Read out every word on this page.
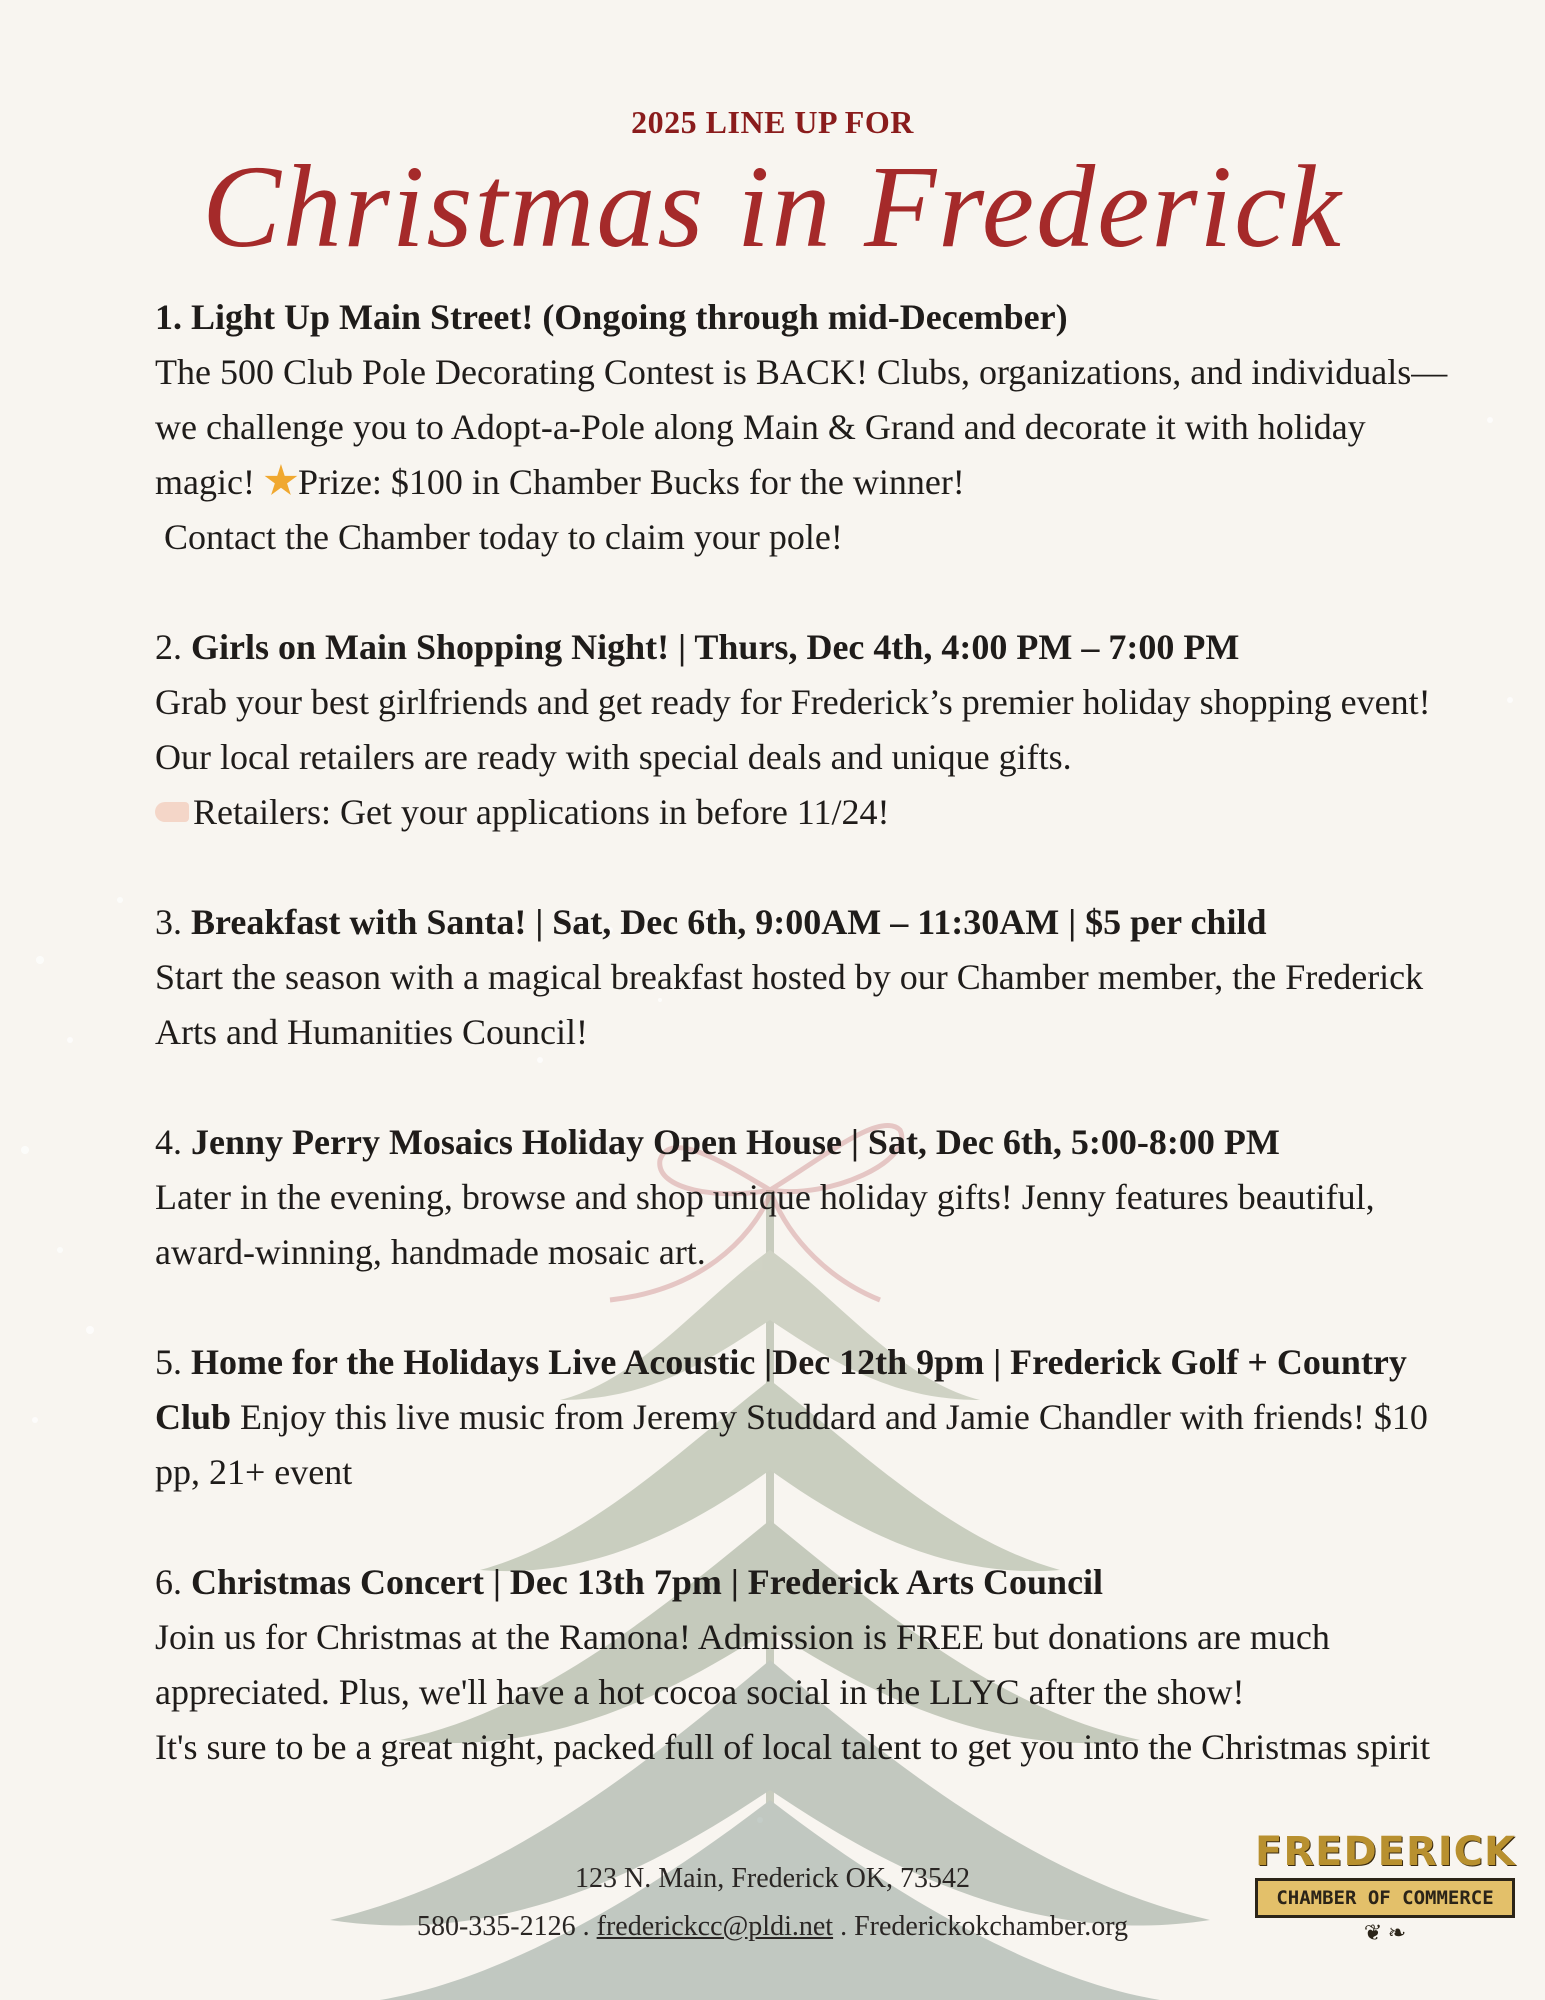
2025 LINE UP FOR
Christmas in Frederick

1. Light Up Main Street! (Ongoing through mid-December)

The 500 Club Pole Decorating Contest is BACK! Clubs, organizations, and individuals—we challenge you to Adopt-a-Pole along Main & Grand and decorate it with holiday magic! Prize: $100 in Chamber Bucks for the winner!

Contact the Chamber today to claim your pole!

2. Girls on Main Shopping Night! | Thurs, Dec 4th, 4:00 PM – 7:00 PM

Grab your best girlfriends and get ready for Frederick’s premier holiday shopping event! Our local retailers are ready with special deals and unique gifts.

Retailers: Get your applications in before 11/24!

3. Breakfast with Santa! | Sat, Dec 6th, 9:00AM – 11:30AM | $5 per child

Start the season with a magical breakfast hosted by our Chamber member, the Frederick Arts and Humanities Council!

4. Jenny Perry Mosaics Holiday Open House | Sat, Dec 6th, 5:00-8:00 PM

Later in the evening, browse and shop unique holiday gifts! Jenny features beautiful, award-winning, handmade mosaic art.

5. Home for the Holidays Live Acoustic |Dec 12th 9pm | Frederick Golf + Country Club Enjoy this live music from Jeremy Studdard and Jamie Chandler with friends! $10 pp, 21+ event

6. Christmas Concert | Dec 13th 7pm | Frederick Arts Council

Join us for Christmas at the Ramona! Admission is FREE but donations are much appreciated. Plus, we'll have a hot cocoa social in the LLYC after the show!

It's sure to be a great night, packed full of local talent to get you into the Christmas spirit

123 N. Main, Frederick OK, 73542
580-335-2126 . frederickcc@pldi.net . Frederickokchamber.org
FREDERICK
CHAMBER OF COMMERCE
❦ ❧
